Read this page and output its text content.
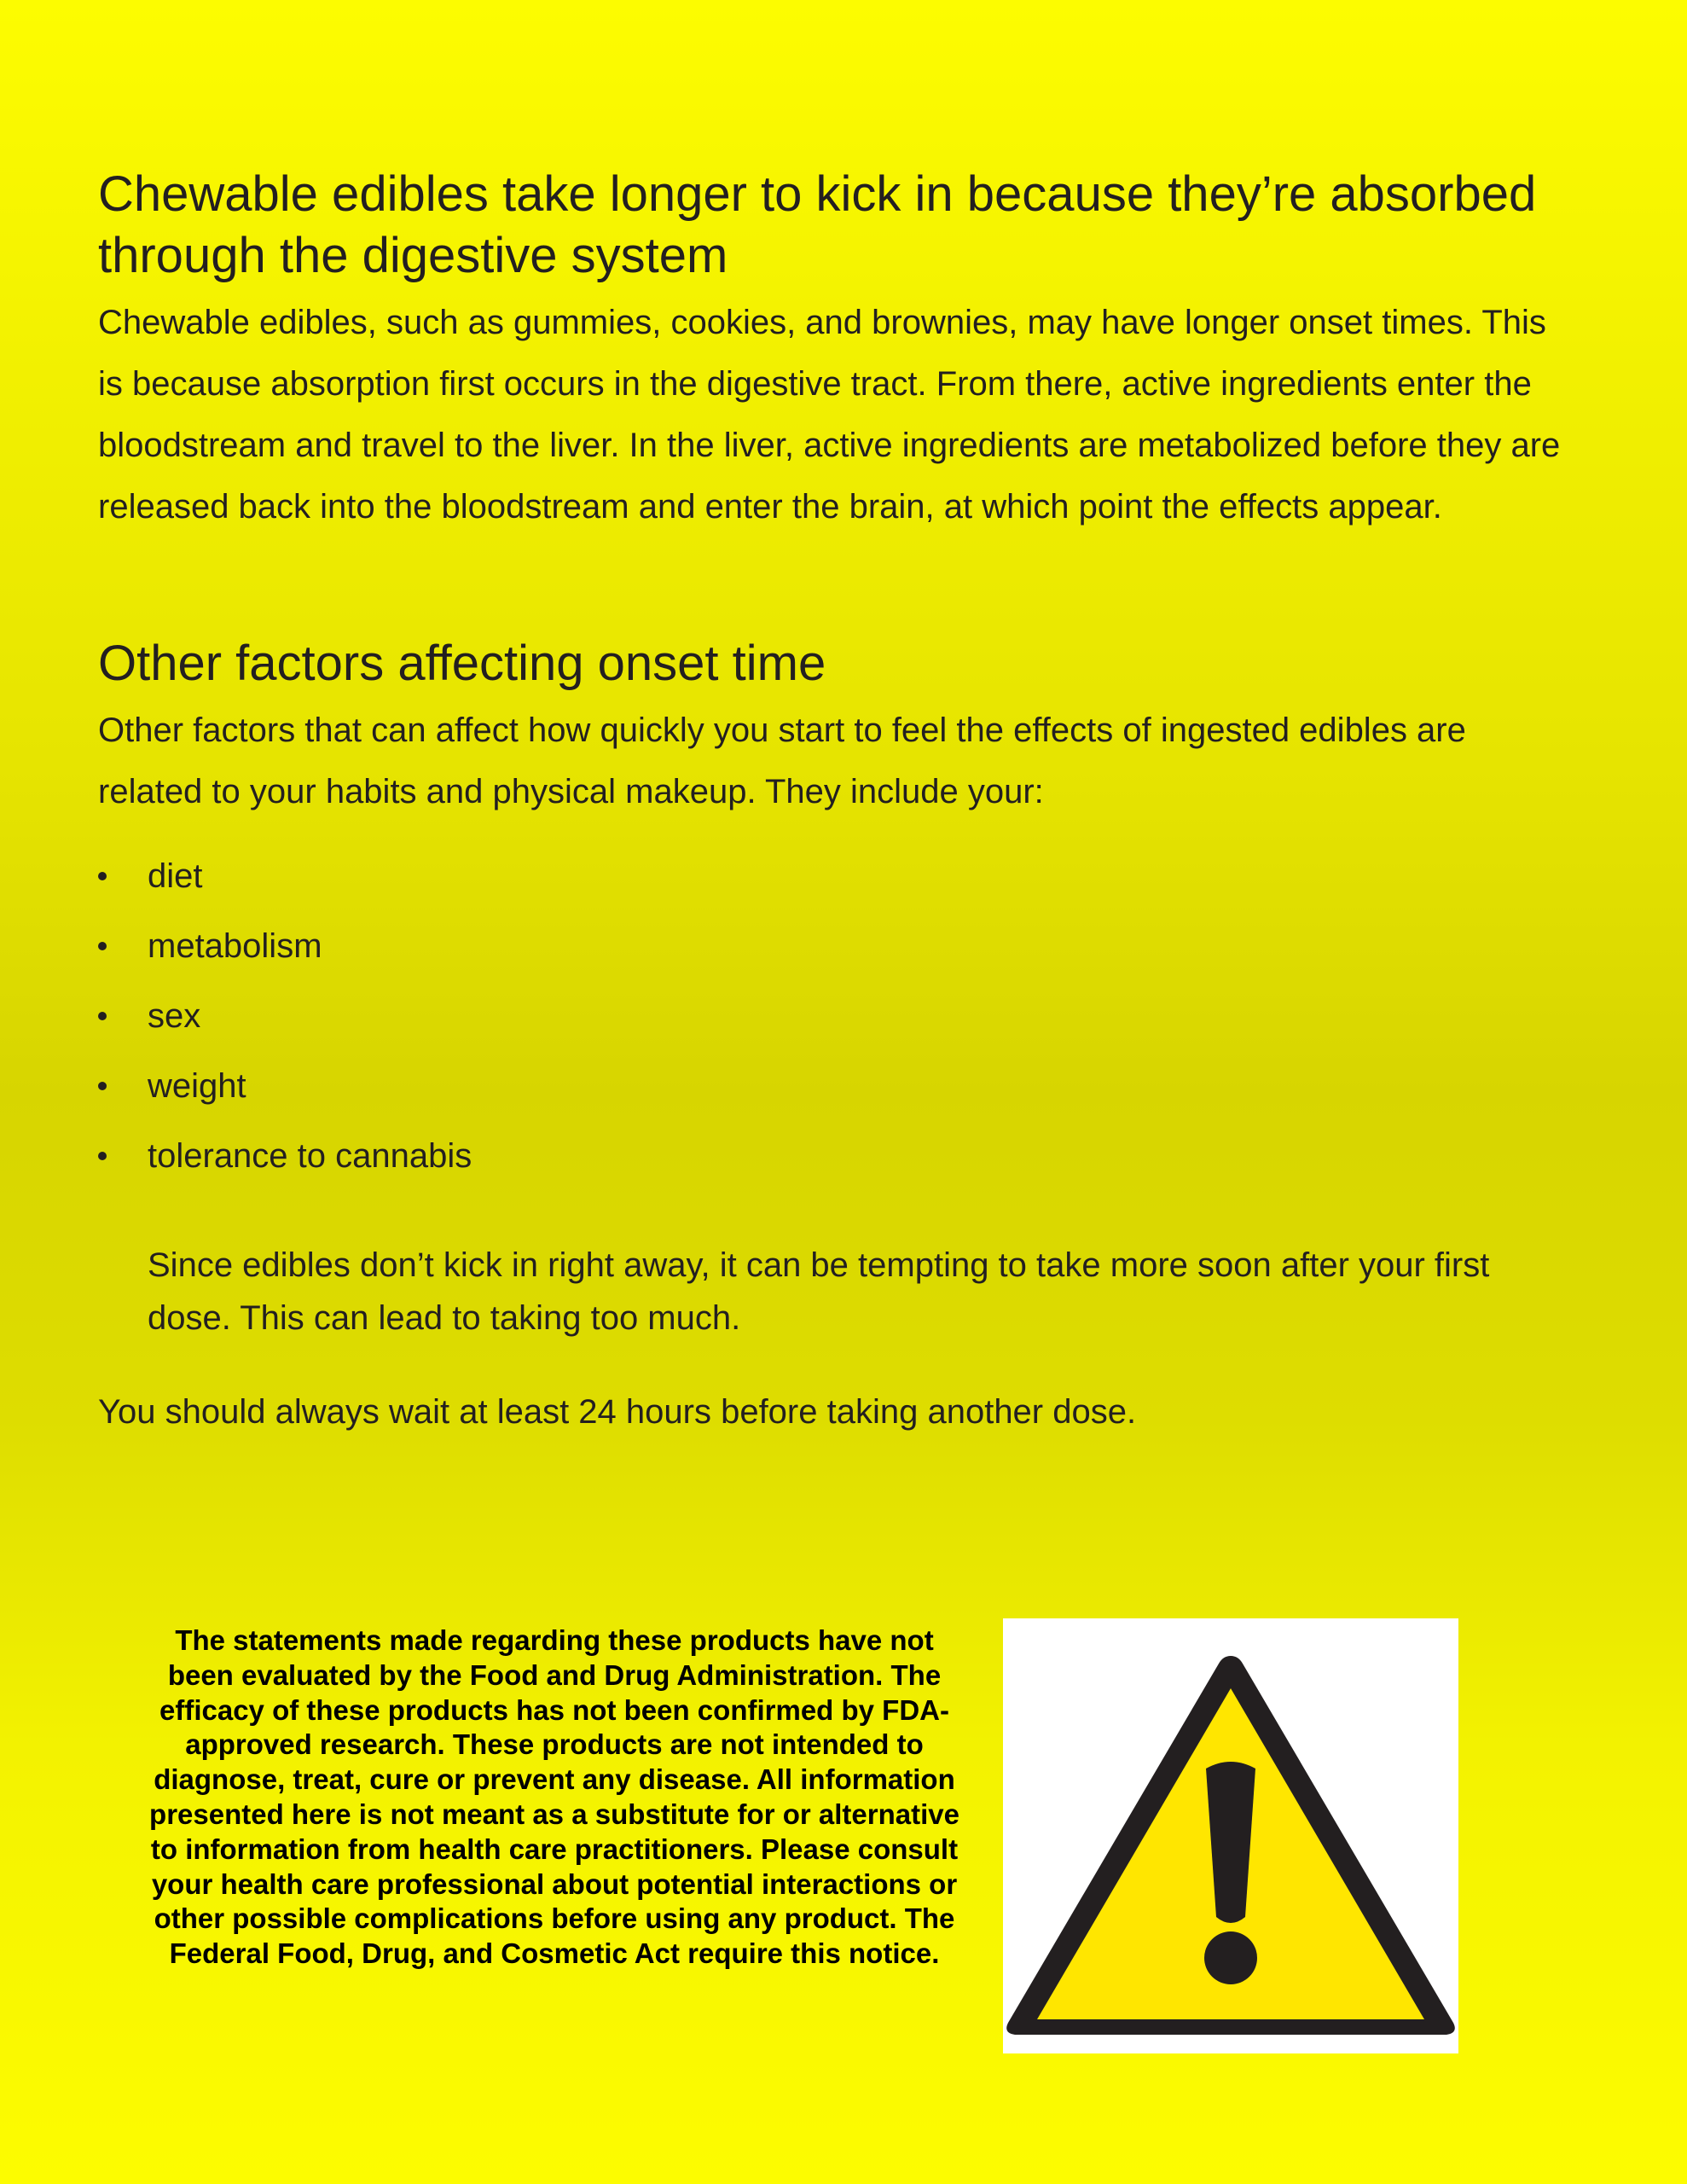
Chewable edibles take longer to kick in because they’re absorbed through the digestive system

Chewable edibles, such as gummies, cookies, and brownies, may have longer onset times. This is because absorption first occurs in the digestive tract. From there, active ingredients enter the bloodstream and travel to the liver. In the liver, active ingredients are metabolized before they are released back into the bloodstream and enter the brain, at which point the effects appear.

Other factors affecting onset time

Other factors that can affect how quickly you start to feel the effects of ingested edibles are related to your habits and physical makeup. They include your:

diet
metabolism
sex
weight
tolerance to cannabis

Since edibles don’t kick in right away, it can be tempting to take more soon after your first dose. This can lead to taking too much.

You should always wait at least 24 hours before taking another dose.

The statements made regarding these products have not been evaluated by the Food and Drug Administration. The efficacy of these products has not been confirmed by FDA-approved research. These products are not intended to diagnose, treat, cure or prevent any disease. All information presented here is not meant as a substitute for or alternative to information from health care practitioners. Please consult your health care professional about potential interactions or other possible complications before using any product. The Federal Food, Drug, and Cosmetic Act require this notice.
